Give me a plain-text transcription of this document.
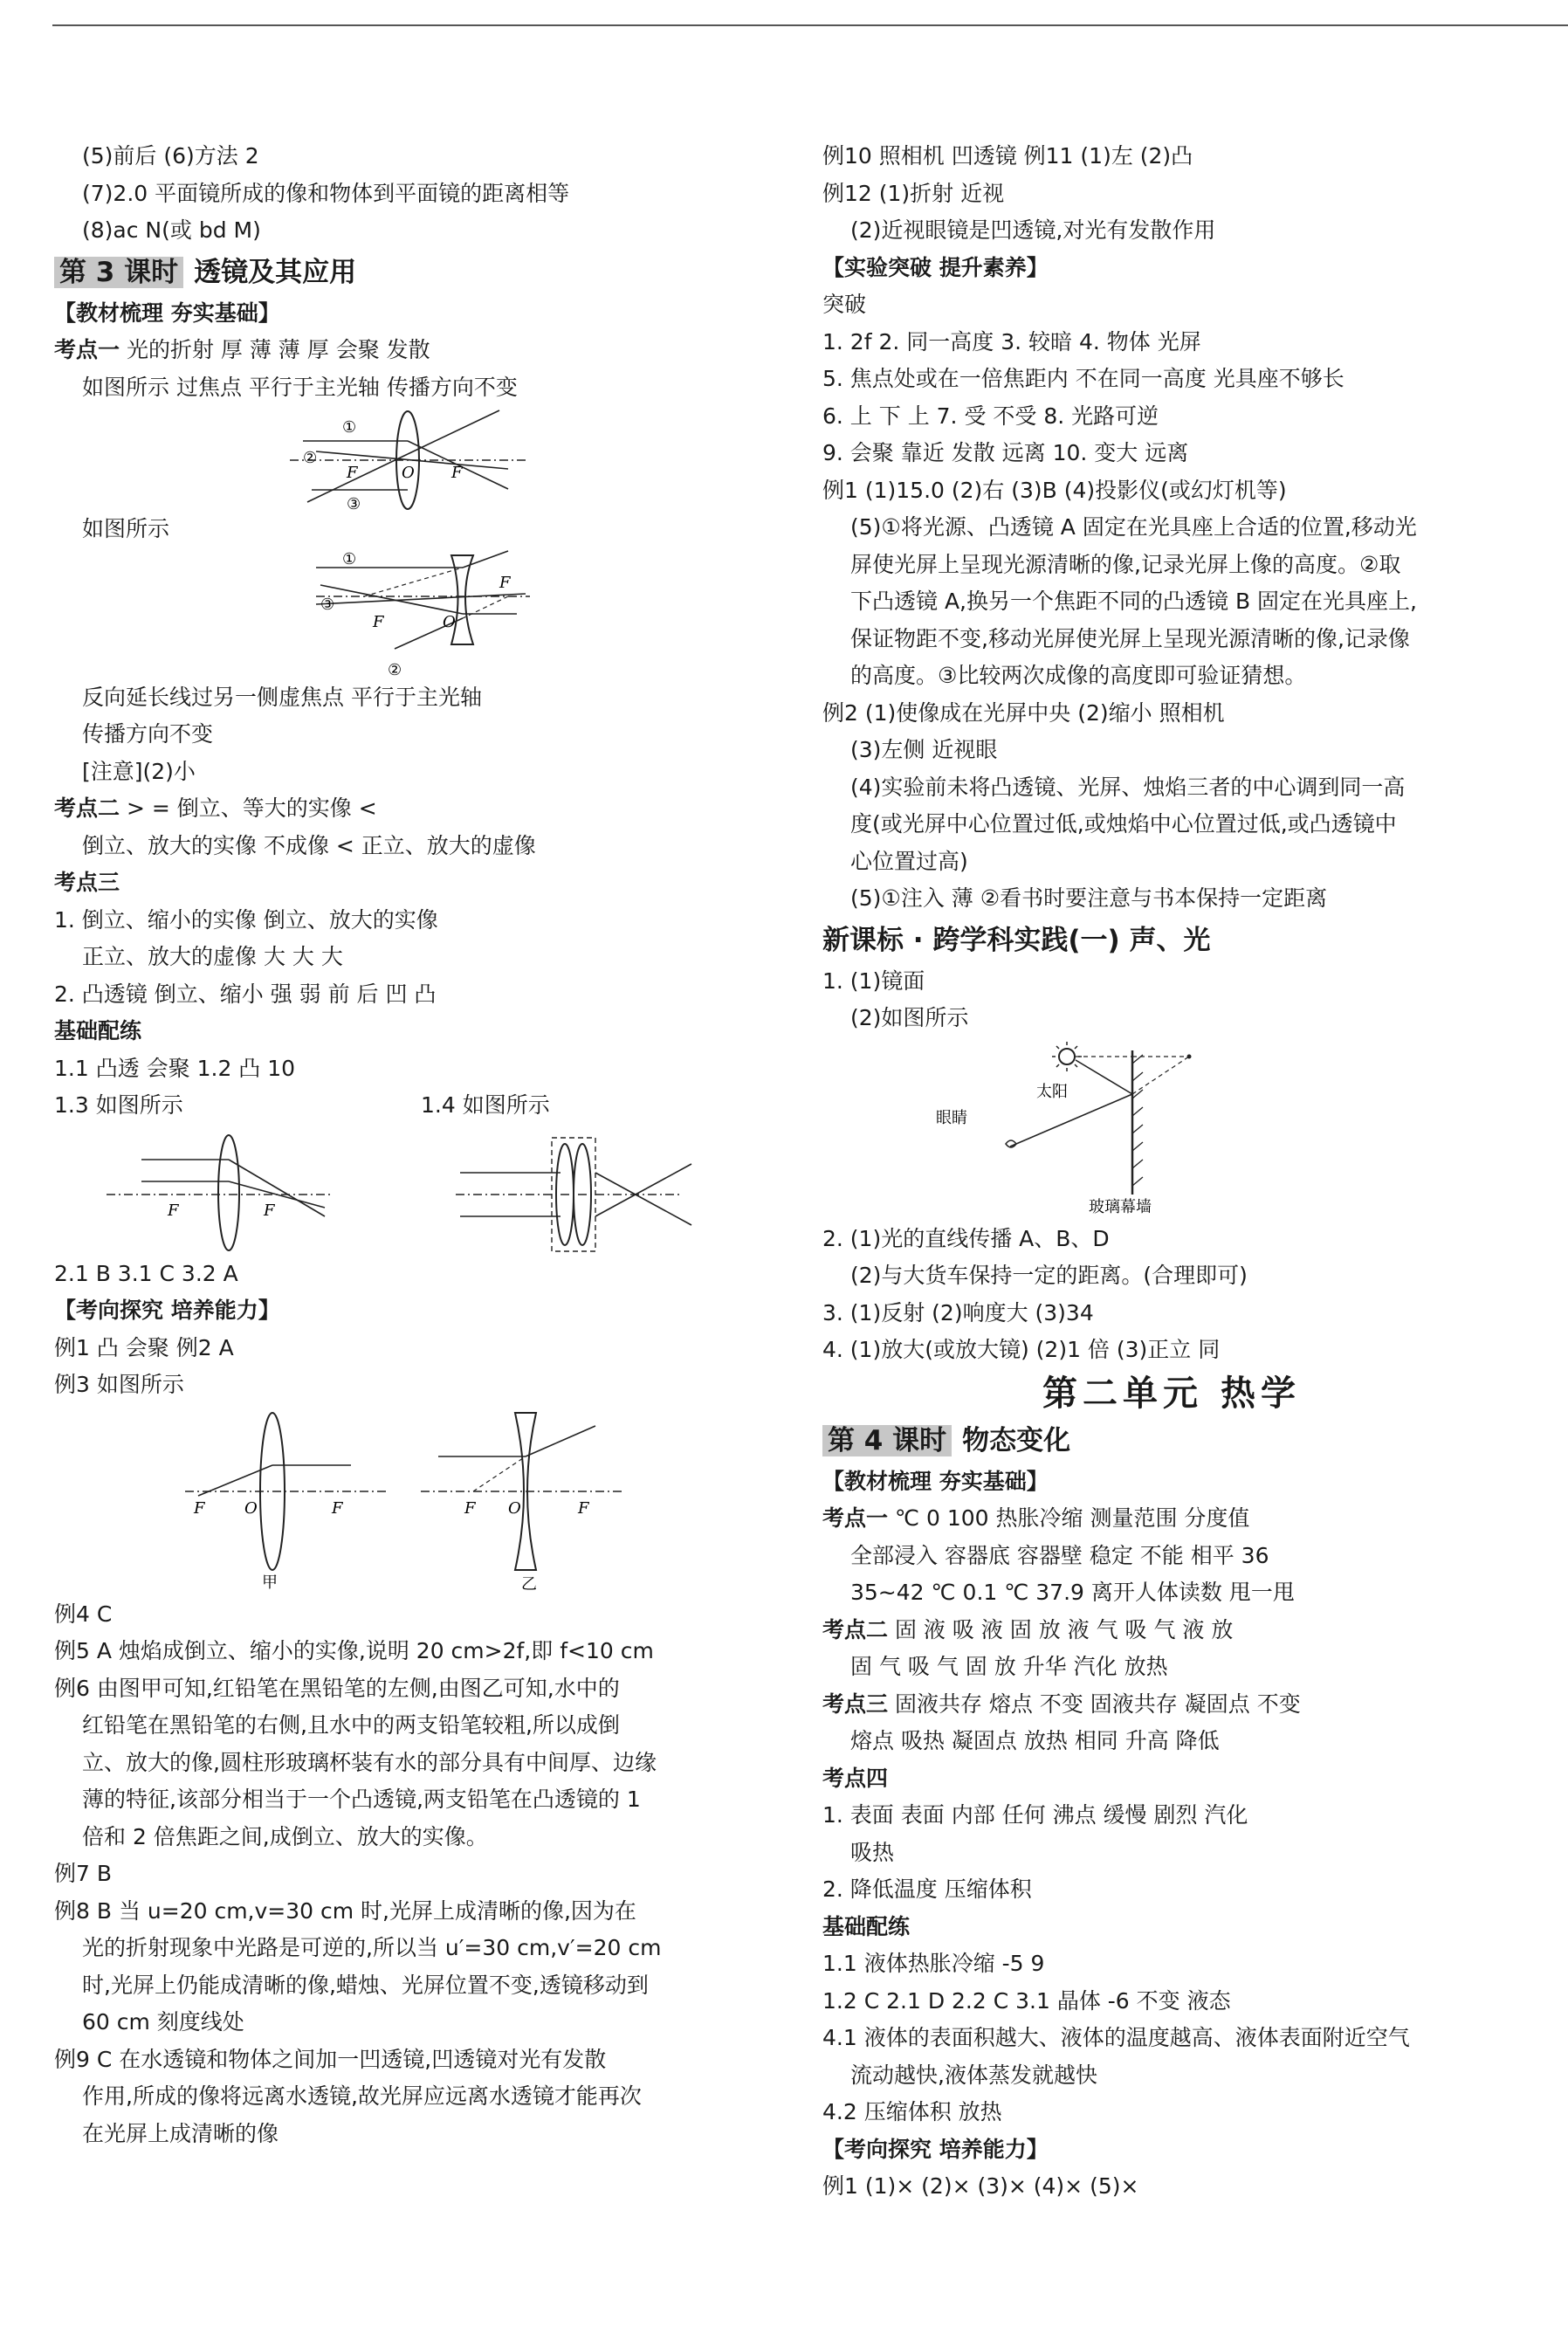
(5)前后 (6)方法 2
(7)2.0 平面镜所成的像和物体到平面镜的距离相等
(8)ac N(或 bd M)
第 3 课时 透镜及其应用
【教材梳理 夯实基础】
考点一 光的折射 厚 薄 薄 厚 会聚 发散
如图所示 过焦点 平行于主光轴 传播方向不变
①
②
③
F	O F
如图所示
①
③
F	O
F
②
反向延长线过另一侧虚焦点 平行于主光轴
传播方向不变
[注意](2)小
考点二 > = 倒立、等大的实像 <
倒立、放大的实像 不成像 < 正立、放大的虚像
考点三
1. 倒立、缩小的实像 倒立、放大的实像
正立、放大的虚像 大 大 大
2. 凸透镜 倒立、缩小 强 弱 前 后 凹 凸
基础配练
1.1 凸透 会聚 1.2 凸 10
1.3 如图所示	1.4 如图所示
F	F
2.1 B 3.1 C 3.2 A
【考向探究 培养能力】
例1 凸 会聚 例2 A
例3 如图所示
F	O	F
甲
F O	F
乙
例4 C
例5 A 烛焰成倒立、缩小的实像,说明 20 cm>2f,即 f<10 cm
例6 由图甲可知,红铅笔在黑铅笔的左侧,由图乙可知,水中的
红铅笔在黑铅笔的右侧,且水中的两支铅笔较粗,所以成倒
立、放大的像,圆柱形玻璃杯装有水的部分具有中间厚、边缘
薄的特征,该部分相当于一个凸透镜,两支铅笔在凸透镜的 1
倍和 2 倍焦距之间,成倒立、放大的实像。
例7 B
例8 B 当 u=20 cm,v=30 cm 时,光屏上成清晰的像,因为在
光的折射现象中光路是可逆的,所以当 u′=30 cm,v′=20 cm
时,光屏上仍能成清晰的像,蜡烛、光屏位置不变,透镜移动到
60 cm 刻度线处
例9 C 在水透镜和物体之间加一凹透镜,凹透镜对光有发散
作用,所成的像将远离水透镜,故光屏应远离水透镜才能再次
在光屏上成清晰的像
例10 照相机 凹透镜 例11 (1)左 (2)凸
例12 (1)折射 近视
(2)近视眼镜是凹透镜,对光有发散作用
【实验突破 提升素养】
突破
1. 2f 2. 同一高度 3. 较暗 4. 物体 光屏
5. 焦点处或在一倍焦距内 不在同一高度 光具座不够长
6. 上 下 上 7. 受 不受 8. 光路可逆
9. 会聚 靠近 发散 远离 10. 变大 远离
例1 (1)15.0 (2)右 (3)B (4)投影仪(或幻灯机等)
(5)①将光源、凸透镜 A 固定在光具座上合适的位置,移动光
屏使光屏上呈现光源清晰的像,记录光屏上像的高度。②取
下凸透镜 A,换另一个焦距不同的凸透镜 B 固定在光具座上,
保证物距不变,移动光屏使光屏上呈现光源清晰的像,记录像
的高度。③比较两次成像的高度即可验证猜想。
例2 (1)使像成在光屏中央 (2)缩小 照相机
(3)左侧 近视眼
(4)实验前未将凸透镜、光屏、烛焰三者的中心调到同一高
度(或光屏中心位置过低,或烛焰中心位置过低,或凸透镜中
心位置过高)
(5)①注入 薄 ②看书时要注意与书本保持一定距离
新课标 · 跨学科实践(一) 声、光
1. (1)镜面
(2)如图所示
太阳
眼睛
玻璃幕墙
2. (1)光的直线传播 A、B、D
(2)与大货车保持一定的距离。(合理即可)
3. (1)反射 (2)响度大 (3)34
4. (1)放大(或放大镜) (2)1 倍 (3)正立 同
第二单元 热学
第 4 课时 物态变化
【教材梳理 夯实基础】
考点一 ℃ 0 100 热胀冷缩 测量范围 分度值
全部浸入 容器底 容器壁 稳定 不能 相平 36
35~42 ℃ 0.1 ℃ 37.9 离开人体读数 甩一甩
考点二 固 液 吸 液 固 放 液 气 吸 气 液 放
固 气 吸 气 固 放 升华 汽化 放热
考点三 固液共存 熔点 不变 固液共存 凝固点 不变
熔点 吸热 凝固点 放热 相同 升高 降低
考点四
1. 表面 表面 内部 任何 沸点 缓慢 剧烈 汽化
吸热
2. 降低温度 压缩体积
基础配练
1.1 液体热胀冷缩 -5 9
1.2 C 2.1 D 2.2 C 3.1 晶体 -6 不变 液态
4.1 液体的表面积越大、液体的温度越高、液体表面附近空气
流动越快,液体蒸发就越快
4.2 压缩体积 放热
【考向探究 培养能力】
例1 (1)× (2)× (3)× (4)× (5)×
